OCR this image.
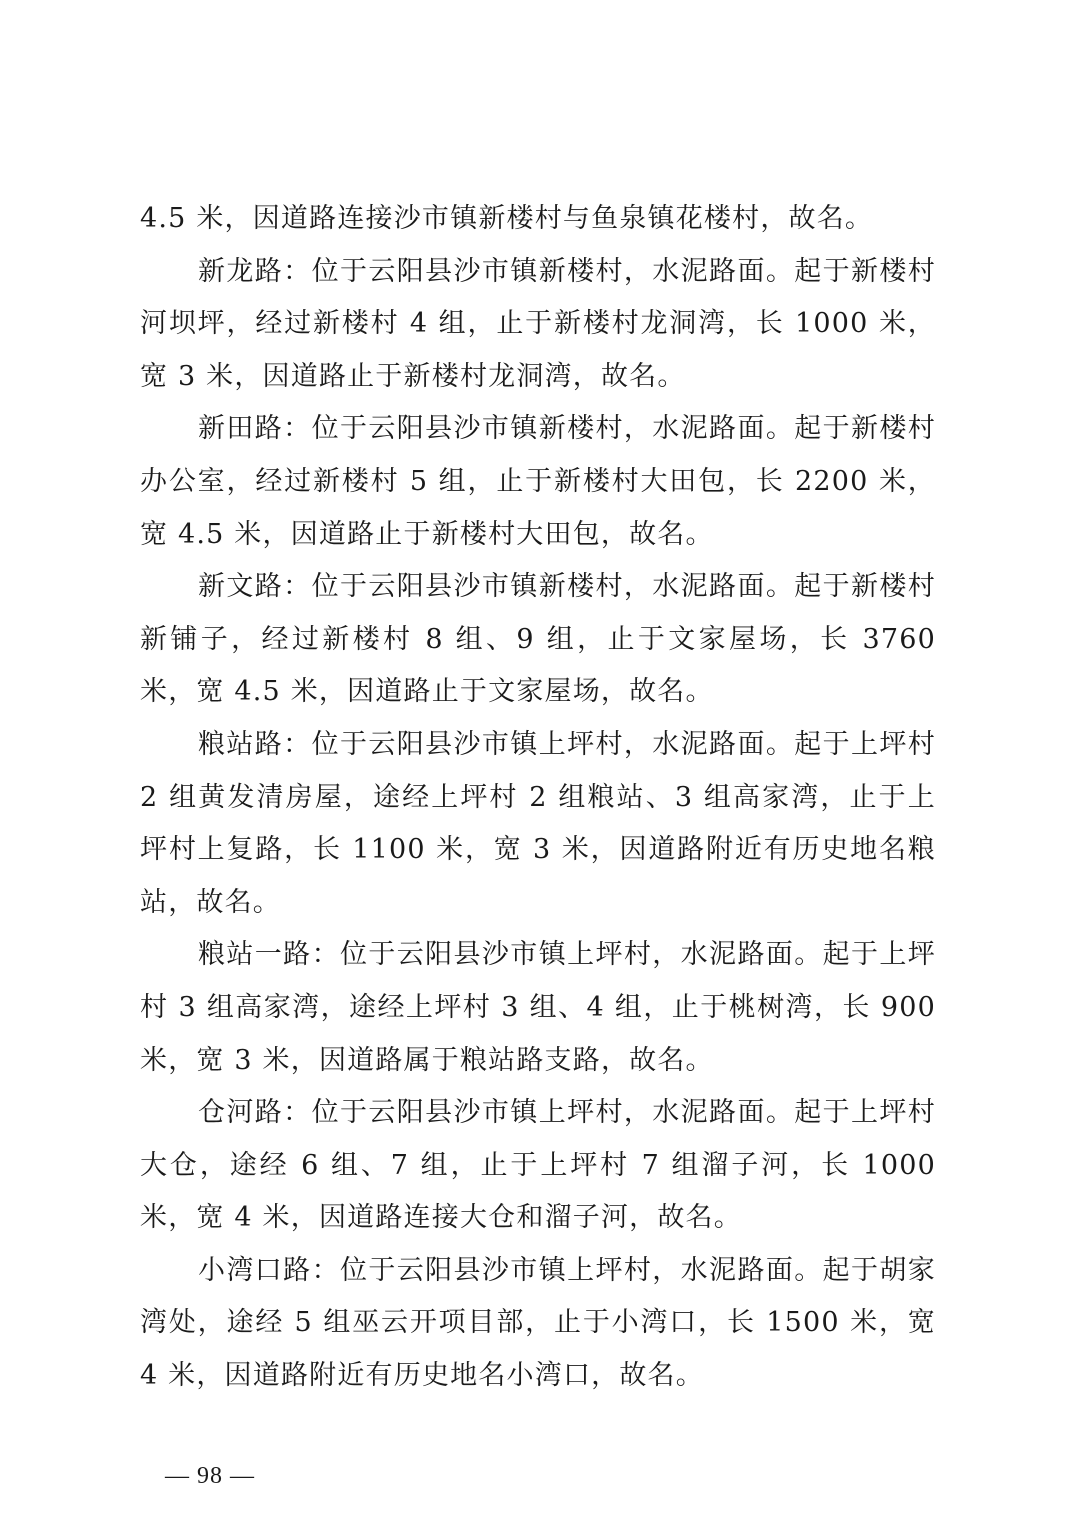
4.5 米，因道路连接沙市镇新楼村与鱼泉镇花楼村，故名。

新龙路：位于云阳县沙市镇新楼村，水泥路面。起于新楼村河坝坪，经过新楼村 4 组，止于新楼村龙洞湾，长 1000 米，宽 3 米，因道路止于新楼村龙洞湾，故名。

新田路：位于云阳县沙市镇新楼村，水泥路面。起于新楼村办公室，经过新楼村 5 组，止于新楼村大田包，长 2200 米，宽 4.5 米，因道路止于新楼村大田包，故名。

新文路：位于云阳县沙市镇新楼村，水泥路面。起于新楼村新铺子，经过新楼村 8 组、9 组，止于文家屋场，长 3760 米，宽 4.5 米，因道路止于文家屋场，故名。

粮站路：位于云阳县沙市镇上坪村，水泥路面。起于上坪村 2 组黄发清房屋，途经上坪村 2 组粮站、3 组高家湾，止于上坪村上复路，长 1100 米，宽 3 米，因道路附近有历史地名粮站，故名。

粮站一路：位于云阳县沙市镇上坪村，水泥路面。起于上坪村 3 组高家湾，途经上坪村 3 组、4 组，止于桃树湾，长 900 米，宽 3 米，因道路属于粮站路支路，故名。

仓河路：位于云阳县沙市镇上坪村，水泥路面。起于上坪村大仓，途经 6 组、7 组，止于上坪村 7 组溜子河，长 1000 米，宽 4 米，因道路连接大仓和溜子河，故名。

小湾口路：位于云阳县沙市镇上坪村，水泥路面。起于胡家湾处，途经 5 组巫云开项目部，止于小湾口，长 1500 米，宽 4 米，因道路附近有历史地名小湾口，故名。

— 98 —
